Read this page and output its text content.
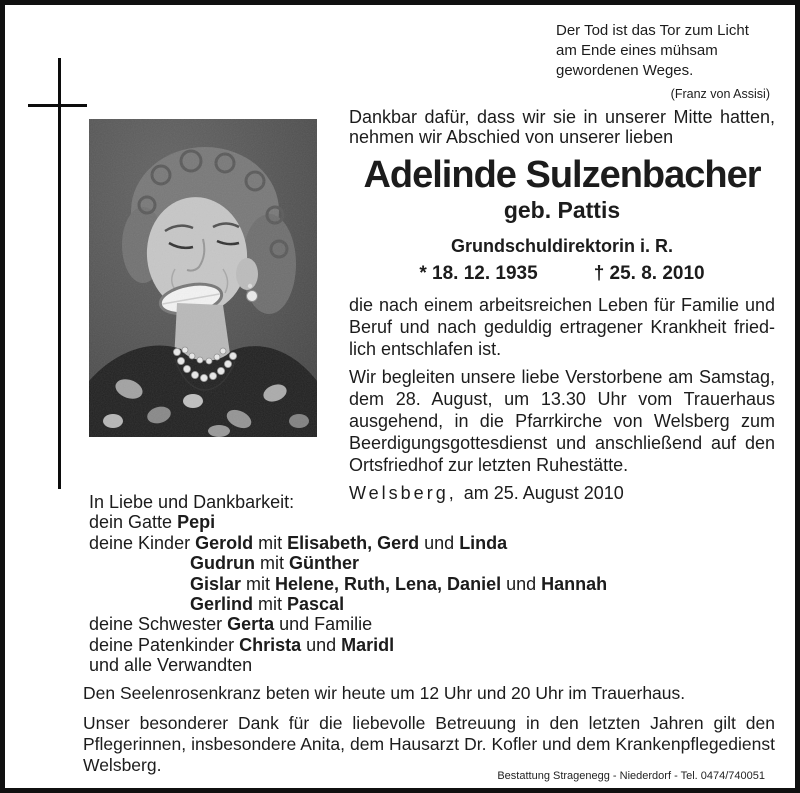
Der Tod ist das Tor zum Licht am Ende eines mühsam gewordenen Weges.

(Franz von Assisi)

Dankbar dafür, dass wir sie in unserer Mitte hatten, nehmen wir Abschied von unserer lieben

Adelinde Sulzenbacher
geb. Pattis
Grundschuldirektorin i. R.
* 18. 12. 1935	† 25. 8. 2010

die nach einem arbeitsreichen Leben für Familie und Beruf und nach geduldig ertragener Krankheit friedlich entschlafen ist.

Wir begleiten unsere liebe Verstorbene am Samstag, dem 28. August, um 13.30 Uhr vom Trauerhaus ausgehend, in die Pfarrkirche von Welsberg zum Beerdigungsgottesdienst und anschließend auf den Ortsfriedhof zur letzten Ruhestätte.

Welsberg, am 25. August 2010

In Liebe und Dankbarkeit:

dein Gatte Pepi

deine Kinder Gerold mit Elisabeth, Gerd und Linda

Gudrun mit Günther

Gislar mit Helene, Ruth, Lena, Daniel und Hannah

Gerlind mit Pascal

deine Schwester Gerta und Familie

deine Patenkinder Christa und Maridl

und alle Verwandten

Den Seelenrosenkranz beten wir heute um 12 Uhr und 20 Uhr im Trauerhaus.

Unser besonderer Dank für die liebevolle Betreuung in den letzten Jahren gilt den Pflegerinnen, insbesondere Anita, dem Hausarzt Dr. Kofler und dem Krankenpflegedienst Welsberg.

Bestattung Stragenegg - Niederdorf - Tel. 0474/740051
